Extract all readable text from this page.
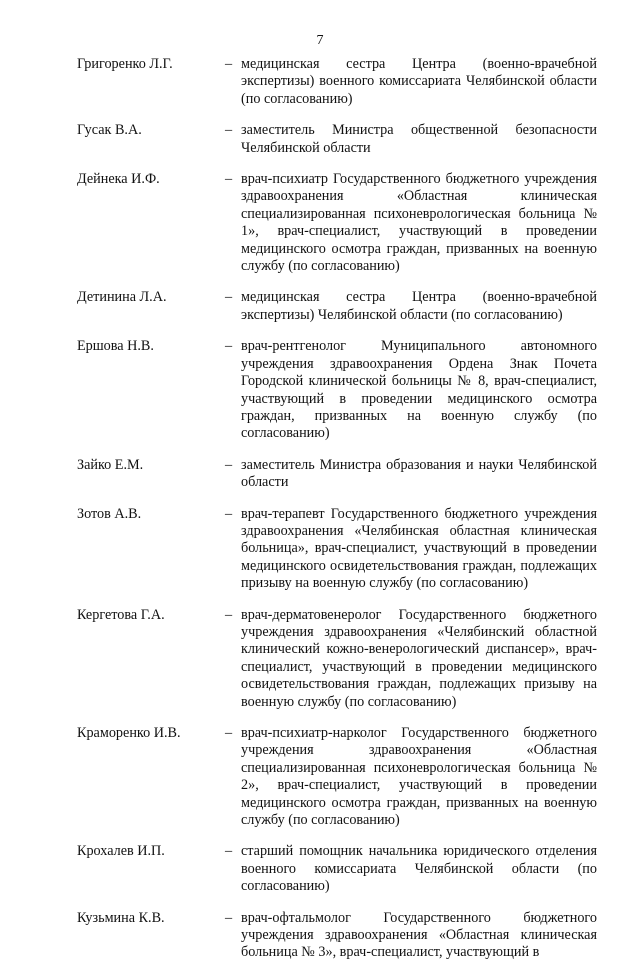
7
Григоренко Л.Г.	– медицинская сестра Центра (военно-врачебной экспертизы) военного комиссариата Челябинской области (по согласованию)
Гусак В.А.	– заместитель Министра общественной безопасности Челябинской области
Дейнека И.Ф.	– врач-психиатр Государственного бюджетного учреждения здравоохранения «Областная клиническая специализированная психоневрологическая больница № 1», врач-специалист, участвующий в проведении медицинского осмотра граждан, призванных на военную службу (по согласованию)
Детинина Л.А.	– медицинская сестра Центра (военно-врачебной экспертизы) Челябинской области (по согласованию)
Ершова Н.В.	– врач-рентгенолог Муниципального автономного учреждения здравоохранения Ордена Знак Почета Городской клинической больницы № 8, врач-специалист, участвующий в проведении медицинского осмотра граждан, призванных на военную службу (по согласованию)
Зайко Е.М.	– заместитель Министра образования и науки Челябинской области
Зотов А.В.	– врач-терапевт Государственного бюджетного учреждения здравоохранения «Челябинская областная клиническая больница», врач-специалист, участвующий в проведении медицинского освидетельствования граждан, подлежащих призыву на военную службу (по согласованию)
Кергетова Г.А.	– врач-дерматовенеролог Государственного бюджетного учреждения здравоохранения «Челябинский областной клинический кожно-венерологический диспансер», врач-специалист, участвующий в проведении медицинского освидетельствования граждан, подлежащих призыву на военную службу (по согласованию)
Краморенко И.В.	– врач-психиатр-нарколог Государственного бюджетного учреждения здравоохранения «Областная специализированная психоневрологическая больница № 2», врач-специалист, участвующий в проведении медицинского осмотра граждан, призванных на военную службу (по согласованию)
Крохалев И.П.	– старший помощник начальника юридического отделения военного комиссариата Челябинской области (по согласованию)
Кузьмина К.В.	– врач-офтальмолог Государственного бюджетного учреждения здравоохранения «Областная клиническая больница № 3», врач-специалист, участвующий в
